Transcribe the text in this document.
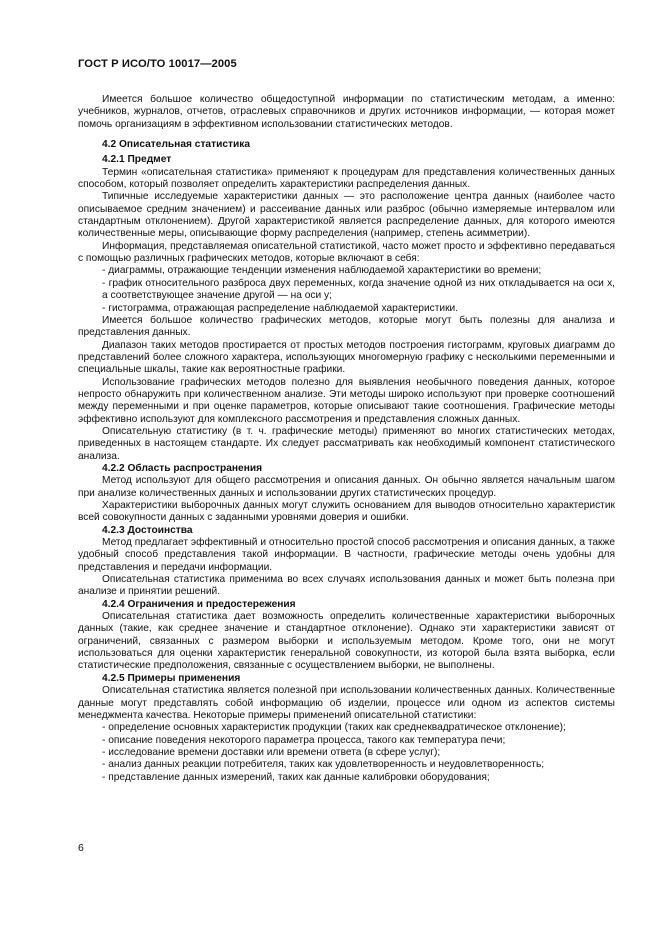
ГОСТ Р ИСО/ТО 10017—2005

Имеется большое количество общедоступной информации по статистическим методам, а именно: учебников, журналов, отчетов, отраслевых справочников и других источников информации, — которая может помочь организациям в эффективном использовании статистических методов.

4.2 Описательная статистика
4.2.1 Предмет

Термин «описательная статистика» применяют к процедурам для представления количественных данных способом, который позволяет определить характеристики распределения данных.

Типичные исследуемые характеристики данных — это расположение центра данных (наиболее часто описываемое средним значением) и рассеивание данных или разброс (обычно измеряемые интервалом или стандартным отклонением). Другой характеристикой является распределение данных, для которого имеются количественные меры, описывающие форму распределения (например, степень асимметрии).

Информация, представляемая описательной статистикой, часто может просто и эффективно передаваться с помощью различных графических методов, которые включают в себя:

- диаграммы, отражающие тенденции изменения наблюдаемой характеристики во времени;

- график относительного разброса двух переменных, когда значение одной из них откладывается на оси x, а соответствующее значение другой — на оси y;

- гистограмма, отражающая распределение наблюдаемой характеристики.

Имеется большое количество графических методов, которые могут быть полезны для анализа и представления данных.

Диапазон таких методов простирается от простых методов построения гистограмм, круговых диаграмм до представлений более сложного характера, использующих многомерную графику с несколькими переменными и специальные шкалы, такие как вероятностные графики.

Использование графических методов полезно для выявления необычного поведения данных, которое непросто обнаружить при количественном анализе. Эти методы широко используют при проверке соотношений между переменными и при оценке параметров, которые описывают такие соотношения. Графические методы эффективно используют для комплексного рассмотрения и представления сложных данных.

Описательную статистику (в т. ч. графические методы) применяют во многих статистических методах, приведенных в настоящем стандарте. Их следует рассматривать как необходимый компонент статистического анализа.

4.2.2 Область распространения

Метод используют для общего рассмотрения и описания данных. Он обычно является начальным шагом при анализе количественных данных и использовании других статистических процедур.

Характеристики выборочных данных могут служить основанием для выводов относительно характеристик всей совокупности данных с заданными уровнями доверия и ошибки.

4.2.3 Достоинства

Метод предлагает эффективный и относительно простой способ рассмотрения и описания данных, а также удобный способ представления такой информации. В частности, графические методы очень удобны для представления и передачи информации.

Описательная статистика применима во всех случаях использования данных и может быть полезна при анализе и принятии решений.

4.2.4 Ограничения и предостережения

Описательная статистика дает возможность определить количественные характеристики выборочных данных (такие, как среднее значение и стандартное отклонение). Однако эти характеристики зависят от ограничений, связанных с размером выборки и используемым методом. Кроме того, они не могут использоваться для оценки характеристик генеральной совокупности, из которой была взята выборка, если статистические предположения, связанные с осуществлением выборки, не выполнены.

4.2.5 Примеры применения

Описательная статистика является полезной при использовании количественных данных. Количественные данные могут представлять собой информацию об изделии, процессе или одном из аспектов системы менеджмента качества. Некоторые примеры применений описательной статистики:

- определение основных характеристик продукции (таких как среднеквадратическое отклонение);

- описание поведения некоторого параметра процесса, такого как температура печи;

- исследование времени доставки или времени ответа (в сфере услуг);

- анализ данных реакции потребителя, таких как удовлетворенность и неудовлетворенность;

- представление данных измерений, таких как данные калибровки оборудования;

6
